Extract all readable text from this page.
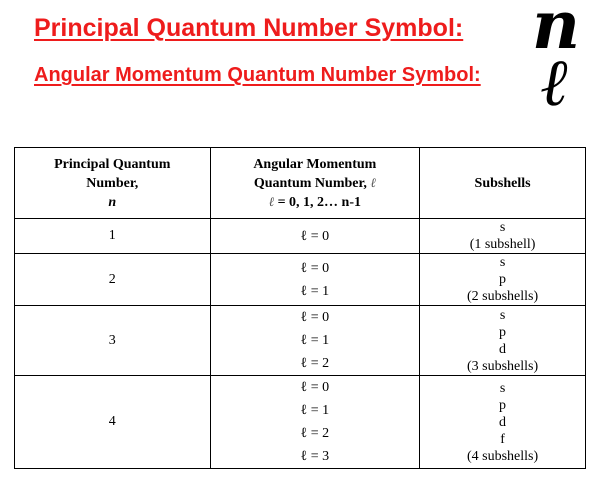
Principal Quantum Number Symbol: n
Angular Momentum Quantum Number Symbol: ℓ
Principal Quantum
Number,
n	Angular Momentum
Quantum Number, ℓ
ℓ = 0, 1, 2… n-1	Subshells
1	ℓ = 0	s
(1 subshell)

2	ℓ = 0
ℓ = 1	s
p
(2 subshells)

3	ℓ = 0
ℓ = 1
ℓ = 2	s
p
d
(3 subshells)

4	ℓ = 0
ℓ = 1
ℓ = 2
ℓ = 3	s
p
d
f
(4 subshells)
